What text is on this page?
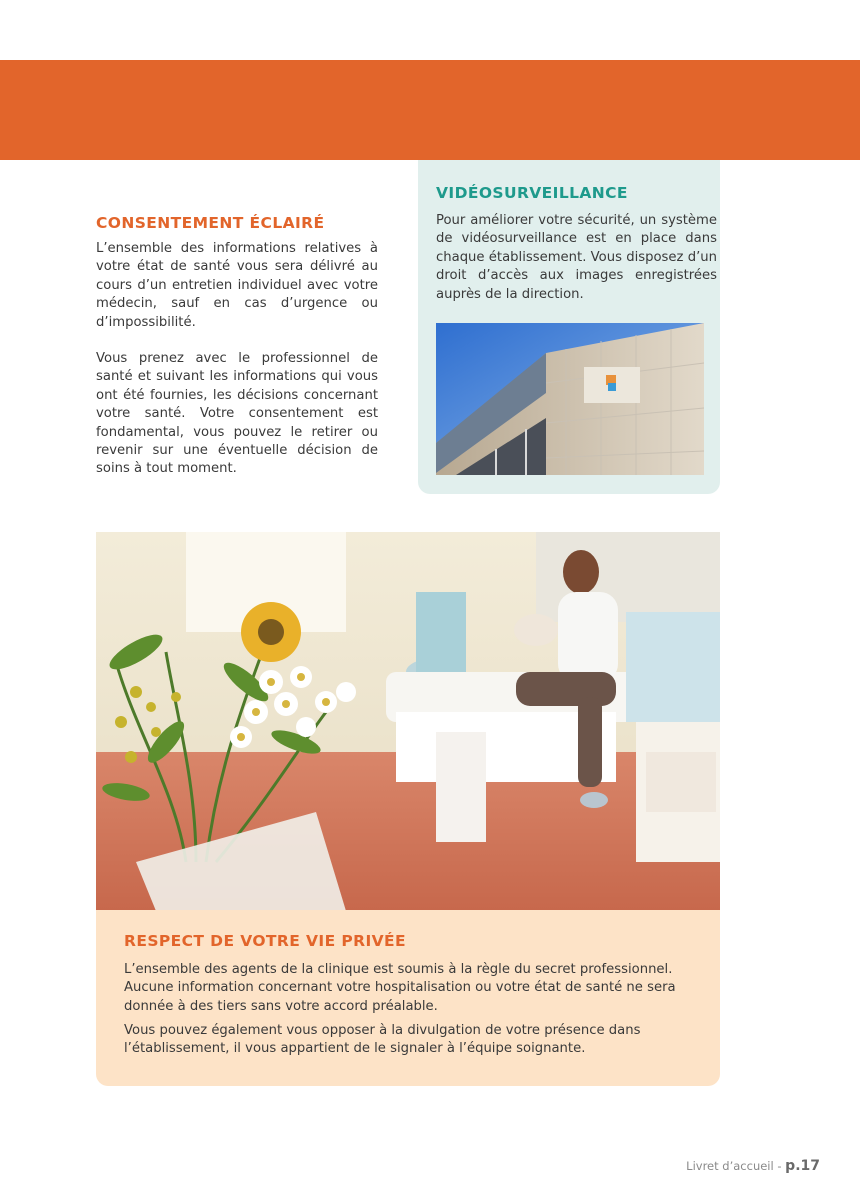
CONSENTEMENT ÉCLAIRÉ

L’ensemble des informations relatives à votre état de santé vous sera délivré au cours d’un entretien individuel avec votre médecin, sauf en cas d’urgence ou d’impossibilité.

Vous prenez avec le professionnel de santé et suivant les informations qui vous ont été fournies, les décisions concernant votre santé. Votre consentement est fondamental, vous pouvez le retirer ou revenir sur une éventuelle décision de soins à tout moment.

VIDÉOSURVEILLANCE

Pour améliorer votre sécurité, un système de vidéosurveillance est en place dans chaque établissement. Vous disposez d’un droit d’accès aux images enregistrées auprès de la direction.

RESPECT DE VOTRE VIE PRIVÉE

L’ensemble des agents de la clinique est soumis à la règle du secret professionnel. Aucune information concernant votre hospitalisation ou votre état de santé ne sera donnée à des tiers sans votre accord préalable.

Vous pouvez également vous opposer à la divulgation de votre présence dans l’établissement, il vous appartient de le signaler à l’équipe soignante.

Livret d’accueil - p.17
